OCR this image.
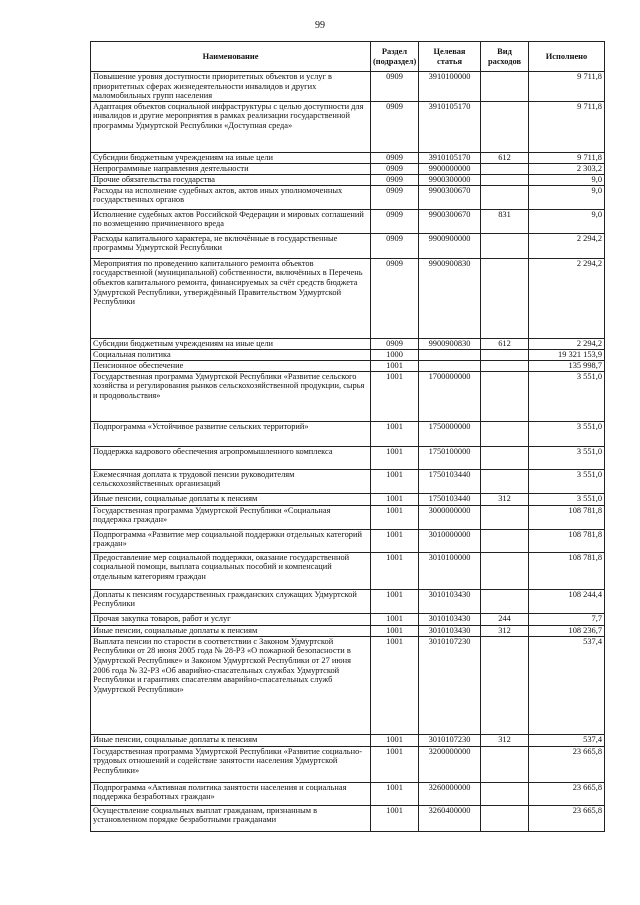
99
Наименование	Раздел (подраздел)	Целевая статья	Вид расходов	Исполнено
Повышение уровня доступности приоритетных объектов и услуг в приоритетных сферах жизнедеятельности инвалидов и других маломобильных групп населения	0909	3910100000		9 711,8
Адаптация объектов социальной инфраструктуры с целью доступности для инвалидов и другие мероприятия в рамках реализации государственной программы Удмуртской Республики «Доступная среда»	0909	3910105170		9 711,8
Субсидии бюджетным учреждениям на иные цели	0909	3910105170	612	9 711,8
Непрограммные направления деятельности	0909	9900000000		2 303,2
Прочие обязательства государства	0909	9900300000		9,0
Расходы на исполнение судебных актов, актов иных уполномоченных государственных органов	0909	9900300670		9,0
Исполнение судебных актов Российской Федерации и мировых соглашений по возмещению причиненного вреда	0909	9900300670	831	9,0
Расходы капитального характера, не включённые в государственные программы Удмуртской Республики	0909	9900900000		2 294,2
Мероприятия по проведению капитального ремонта объектов государственной (муниципальной) собственности, включённых в Перечень объектов капитального ремонта, финансируемых за счёт средств бюджета Удмуртской Республики, утверждённый Правительством Удмуртской Республики	0909	9900900830		2 294,2
Субсидии бюджетным учреждениям на иные цели	0909	9900900830	612	2 294,2
Социальная политика	1000			19 321 153,9
Пенсионное обеспечение	1001			135 998,7
Государственная программа Удмуртской Республики «Развитие сельского хозяйства и регулирования рынков сельскохозяйственной продукции, сырья и продовольствия»	1001	1700000000		3 551,0
Подпрограмма «Устойчивое развитие сельских территорий»	1001	1750000000		3 551,0
Поддержка кадрового обеспечения агропромышленного комплекса	1001	1750100000		3 551,0
Ежемесячная доплата к трудовой пенсии руководителям сельскохозяйственных организаций	1001	1750103440		3 551,0
Иные пенсии, социальные доплаты к пенсиям	1001	1750103440	312	3 551,0
Государственная программа Удмуртской Республики «Социальная поддержка граждан»	1001	3000000000		108 781,8
Подпрограмма «Развитие мер социальной поддержки отдельных категорий граждан»	1001	3010000000		108 781,8
Предоставление мер социальной поддержки, оказание государственной социальной помощи, выплата социальных пособий и компенсаций отдельным категориям граждан	1001	3010100000		108 781,8
Доплаты к пенсиям государственных гражданских служащих Удмуртской Республики	1001	3010103430		108 244,4
Прочая закупка товаров, работ и услуг	1001	3010103430	244	7,7
Иные пенсии, социальные доплаты к пенсиям	1001	3010103430	312	108 236,7
Выплата пенсии по старости в соответствии с Законом Удмуртской Республики от 28 июня 2005 года № 28-РЗ «О пожарной безопасности в Удмуртской Республике» и Законом Удмуртской Республики от 27 июня 2006 года № 32-РЗ «Об аварийно-спасательных службах Удмуртской Республики и гарантиях спасателям аварийно-спасательных служб Удмуртской Республики»	1001	3010107230		537,4
Иные пенсии, социальные доплаты к пенсиям	1001	3010107230	312	537,4
Государственная программа Удмуртской Республики «Развитие социально-трудовых отношений и содействие занятости населения Удмуртской Республики»	1001	3200000000		23 665,8
Подпрограмма «Активная политика занятости населения и социальная поддержка безработных граждан»	1001	3260000000		23 665,8
Осуществление социальных выплат гражданам, признанным в установленном порядке безработными гражданами	1001	3260400000		23 665,8
